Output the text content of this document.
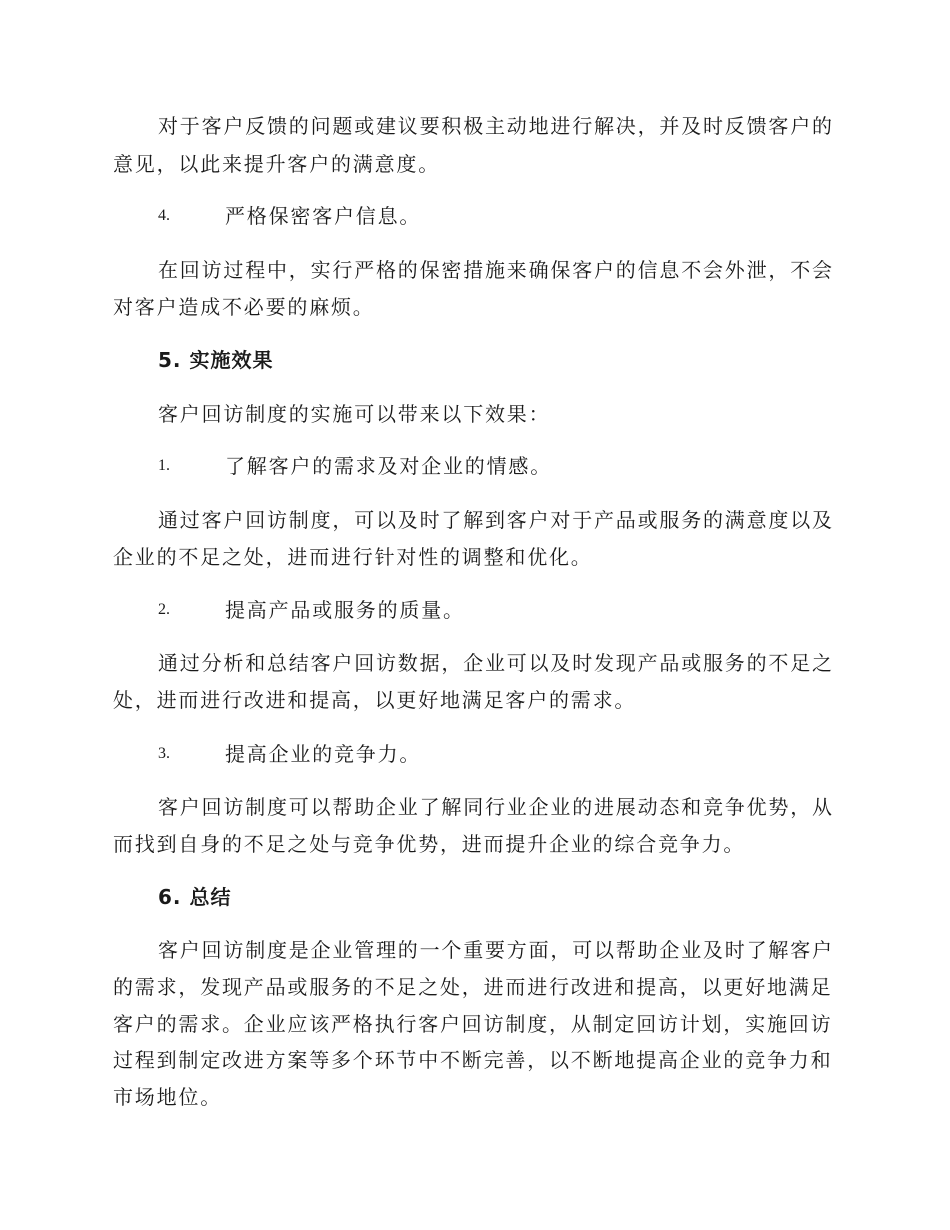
对于客户反馈的问题或建议要积极主动地进行解决，并及时反馈客户的
意见，以此来提升客户的满意度。
4.	严格保密客户信息。
在回访过程中，实行严格的保密措施来确保客户的信息不会外泄，不会
对客户造成不必要的麻烦。
5. 实施效果
客户回访制度的实施可以带来以下效果：
1.	了解客户的需求及对企业的情感。
通过客户回访制度，可以及时了解到客户对于产品或服务的满意度以及
企业的不足之处，进而进行针对性的调整和优化。
2.	提高产品或服务的质量。
通过分析和总结客户回访数据，企业可以及时发现产品或服务的不足之
处，进而进行改进和提高，以更好地满足客户的需求。
3.	提高企业的竞争力。
客户回访制度可以帮助企业了解同行业企业的进展动态和竞争优势，从
而找到自身的不足之处与竞争优势，进而提升企业的综合竞争力。
6. 总结
客户回访制度是企业管理的一个重要方面，可以帮助企业及时了解客户
的需求，发现产品或服务的不足之处，进而进行改进和提高，以更好地满足
客户的需求。企业应该严格执行客户回访制度，从制定回访计划，实施回访
过程到制定改进方案等多个环节中不断完善，以不断地提高企业的竞争力和
市场地位。
